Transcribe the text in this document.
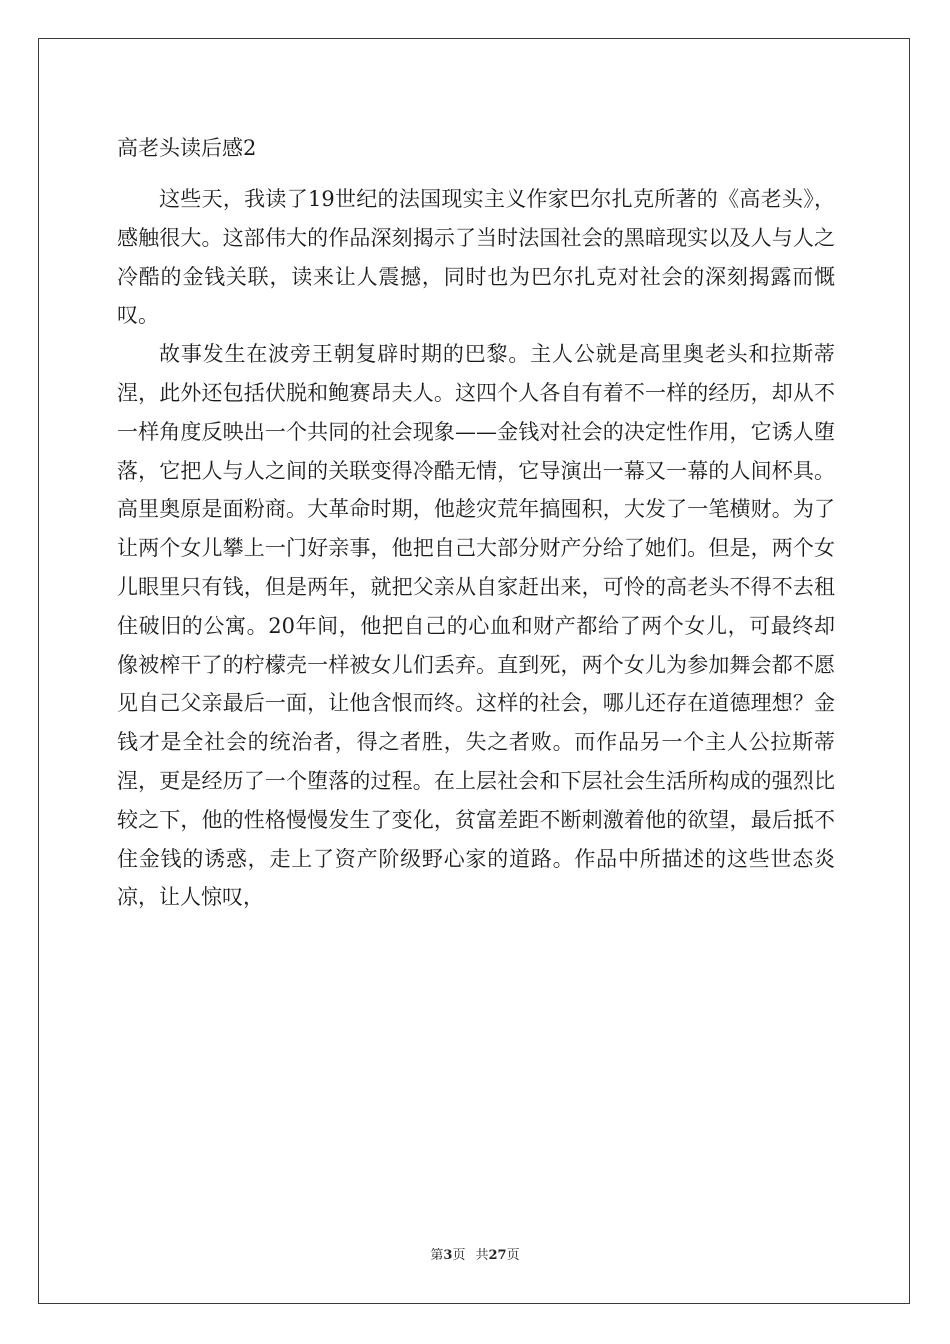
高老头读后感2

这些天，我读了19世纪的法国现实主义作家巴尔扎克所著的《高老头》，感触很大。这部伟大的作品深刻揭示了当时法国社会的黑暗现实以及人与人之冷酷的金钱关联，读来让人震撼，同时也为巴尔扎克对社会的深刻揭露而慨叹。

故事发生在波旁王朝复辟时期的巴黎。主人公就是高里奥老头和拉斯蒂涅，此外还包括伏脱和鲍赛昂夫人。这四个人各自有着不一样的经历，却从不一样角度反映出一个共同的社会现象——金钱对社会的决定性作用，它诱人堕落，它把人与人之间的关联变得冷酷无情，它导演出一幕又一幕的人间杯具。高里奥原是面粉商。大革命时期，他趁灾荒年搞囤积，大发了一笔横财。为了让两个女儿攀上一门好亲事，他把自己大部分财产分给了她们。但是，两个女儿眼里只有钱，但是两年，就把父亲从自家赶出来，可怜的高老头不得不去租住破旧的公寓。20年间，他把自己的心血和财产都给了两个女儿，可最终却像被榨干了的柠檬壳一样被女儿们丢弃。直到死，两个女儿为参加舞会都不愿见自己父亲最后一面，让他含恨而终。这样的社会，哪儿还存在道德理想？金钱才是全社会的统治者，得之者胜，失之者败。而作品另一个主人公拉斯蒂涅，更是经历了一个堕落的过程。在上层社会和下层社会生活所构成的强烈比较之下，他的性格慢慢发生了变化，贫富差距不断刺激着他的欲望，最后抵不住金钱的诱惑，走上了资产阶级野心家的道路。作品中所描述的这些世态炎凉，让人惊叹，

第3页 共27页
